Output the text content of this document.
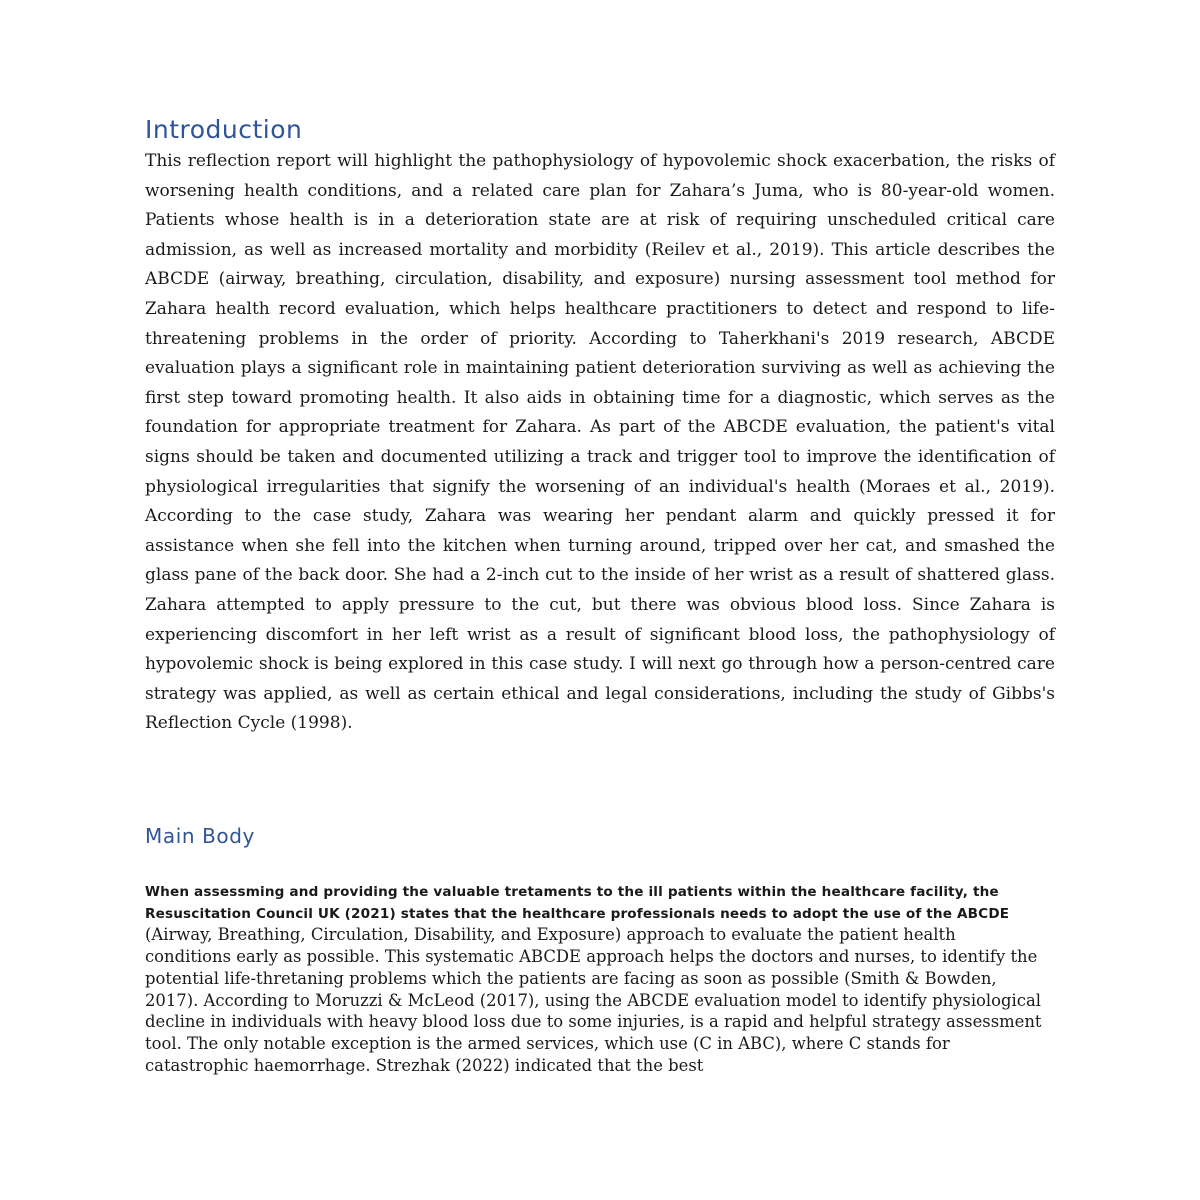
Introduction

This reflection report will highlight the pathophysiology of hypovolemic shock exacerbation, the risks of worsening health conditions, and a related care plan for Zahara’s Juma, who is 80-year-old women. Patients whose health is in a deterioration state are at risk of requiring unscheduled critical care admission, as well as increased mortality and morbidity (Reilev et al., 2019). This article describes the ABCDE (airway, breathing, circulation, disability, and exposure) nursing assessment tool method for Zahara health record evaluation, which helps healthcare practitioners to detect and respond to life-threatening problems in the order of priority. According to Taherkhani's 2019 research, ABCDE evaluation plays a significant role in maintaining patient deterioration surviving as well as achieving the first step toward promoting health. It also aids in obtaining time for a diagnostic, which serves as the foundation for appropriate treatment for Zahara. As part of the ABCDE evaluation, the patient's vital signs should be taken and documented utilizing a track and trigger tool to improve the identification of physiological irregularities that signify the worsening of an individual's health (Moraes et al., 2019). According to the case study, Zahara was wearing her pendant alarm and quickly pressed it for assistance when she fell into the kitchen when turning around, tripped over her cat, and smashed the glass pane of the back door. She had a 2-inch cut to the inside of her wrist as a result of shattered glass. Zahara attempted to apply pressure to the cut, but there was obvious blood loss. Since Zahara is experiencing discomfort in her left wrist as a result of significant blood loss, the pathophysiology of hypovolemic shock is being explored in this case study. I will next go through how a person-centred care strategy was applied, as well as certain ethical and legal considerations, including the study of Gibbs's Reflection Cycle (1998).

Main Body

When assessming and providing the valuable tretaments to the ill patients within the healthcare facility, the Resuscitation Council UK (2021) states that the healthcare professionals needs to adopt the use of the ABCDE (Airway, Breathing, Circulation, Disability, and Exposure) approach to evaluate the patient health conditions early as possible. This systematic ABCDE approach helps the doctors and nurses, to identify the potential life-thretaning problems which the patients are facing as soon as possible (Smith & Bowden, 2017). According to Moruzzi & McLeod (2017), using the ABCDE evaluation model to identify physiological decline in individuals with heavy blood loss due to some injuries, is a rapid and helpful strategy assessment tool. The only notable exception is the armed services, which use (C in ABC), where C stands for catastrophic haemorrhage. Strezhak (2022) indicated that the best
